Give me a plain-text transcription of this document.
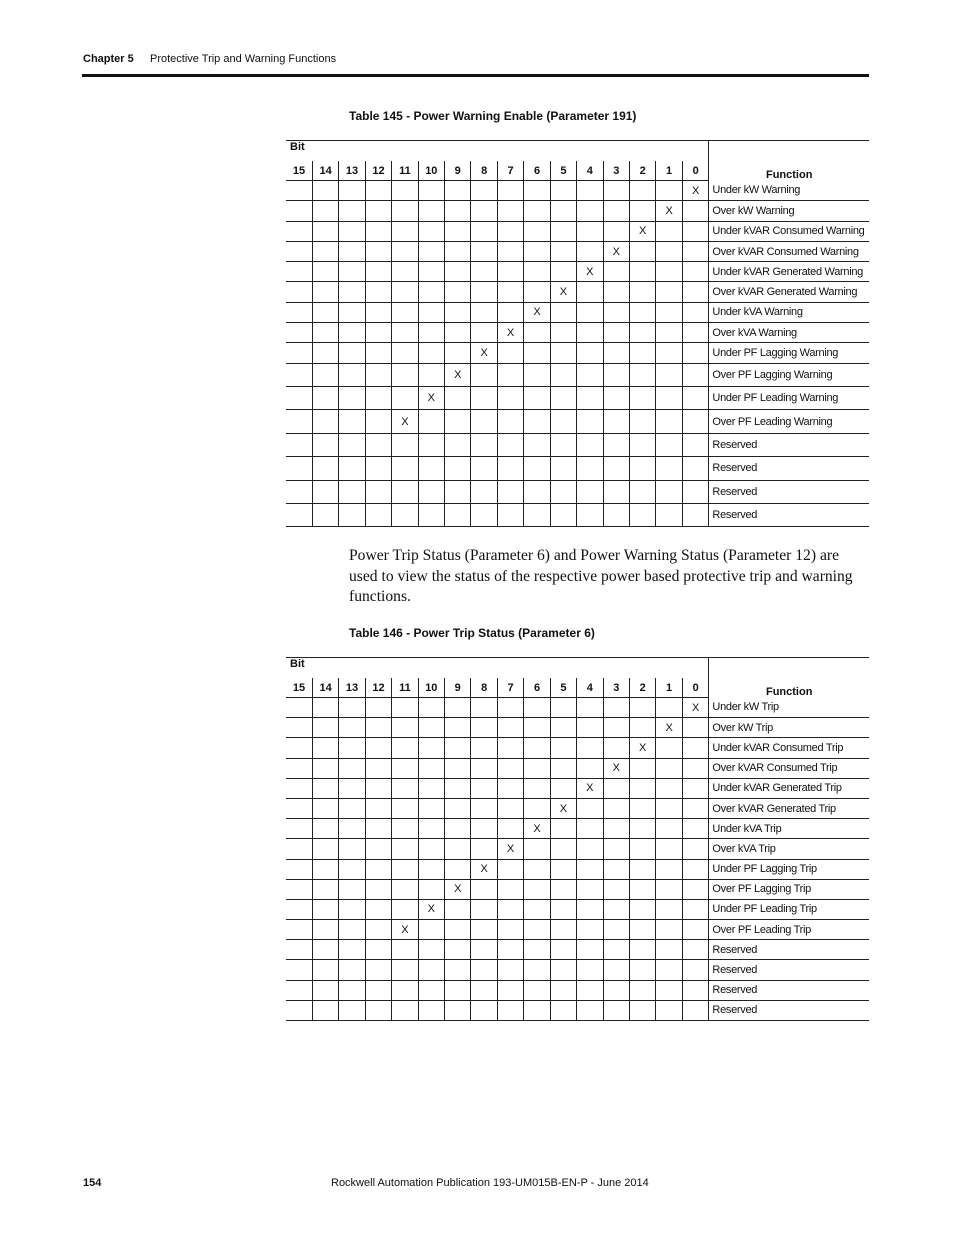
Chapter 5 Protective Trip and Warning Functions
Table 145 - Power Warning Enable (Parameter 191)
Bit																Function
15	14	13	12	11	10	9	8	7	6	5	4	3	2	1	0	
															X	Under kW Warning
														X		Over kW Warning
													X			Under kVAR Consumed Warning
												X				Over kVAR Consumed Warning
											X					Under kVAR Generated Warning
										X						Over kVAR Generated Warning
									X							Under kVA Warning
								X								Over kVA Warning
							X									Under PF Lagging Warning
						X										Over PF Lagging Warning
					X											Under PF Leading Warning
				X												Over PF Leading Warning
																Reserved
																Reserved
																Reserved
																Reserved
Power Trip Status (Parameter 6) and Power Warning Status (Parameter 12) are used to view the status of the respective power based protective trip and warning functions.
Table 146 - Power Trip Status (Parameter 6)
Bit																Function
15	14	13	12	11	10	9	8	7	6	5	4	3	2	1	0	
															X	Under kW Trip
														X		Over kW Trip
													X			Under kVAR Consumed Trip
												X				Over kVAR Consumed Trip
											X					Under kVAR Generated Trip
										X						Over kVAR Generated Trip
									X							Under kVA Trip
								X								Over kVA Trip
							X									Under PF Lagging Trip
						X										Over PF Lagging Trip
					X											Under PF Leading Trip
				X												Over PF Leading Trip
																Reserved
																Reserved
																Reserved
																Reserved
154	Rockwell Automation Publication 193-UM015B-EN-P - June 2014
